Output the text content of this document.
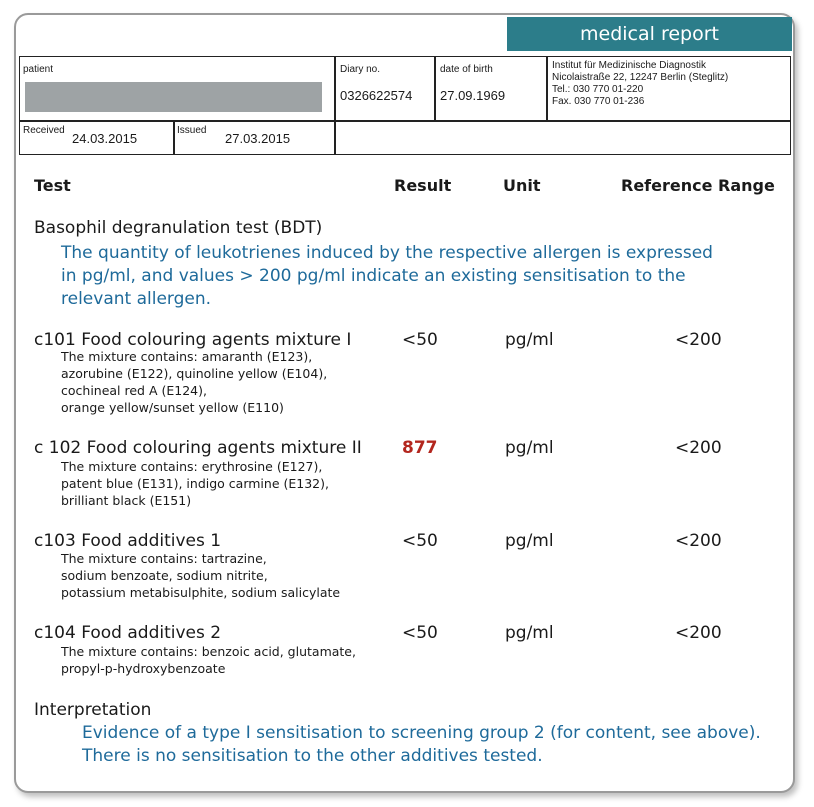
medical report
patient	Diary no.
0326622574
date of birth
27.09.1969
Institut für Medizinische Diagnostik
Nicolaistraße 22, 12247 Berlin (Steglitz)
Tel.: 030 770 01-220
Fax. 030 770 01-236
Received
24.03.2015
Issued
27.03.2015
Test	Result	Unit	Reference Range
Basophil degranulation test (BDT)
The quantity of leukotrienes induced by the respective allergen is expressed
in pg/ml, and values > 200 pg/ml indicate an existing sensitisation to the
relevant allergen.
c101 Food colouring agents mixture I	<50	pg/ml	<200
The mixture contains: amaranth (E123),
azorubine (E122), quinoline yellow (E104),
cochineal red A (E124),
orange yellow/sunset yellow (E110)
c 102 Food colouring agents mixture II 877	pg/ml	<200
The mixture contains: erythrosine (E127),
patent blue (E131), indigo carmine (E132),
brilliant black (E151)
c103 Food additives 1	<50	pg/ml	<200
The mixture contains: tartrazine,
sodium benzoate, sodium nitrite,
potassium metabisulphite, sodium salicylate
c104 Food additives 2	<50	pg/ml	<200
The mixture contains: benzoic acid, glutamate,
propyl-p-hydroxybenzoate
Interpretation
Evidence of a type I sensitisation to screening group 2 (for content, see above).
There is no sensitisation to the other additives tested.
